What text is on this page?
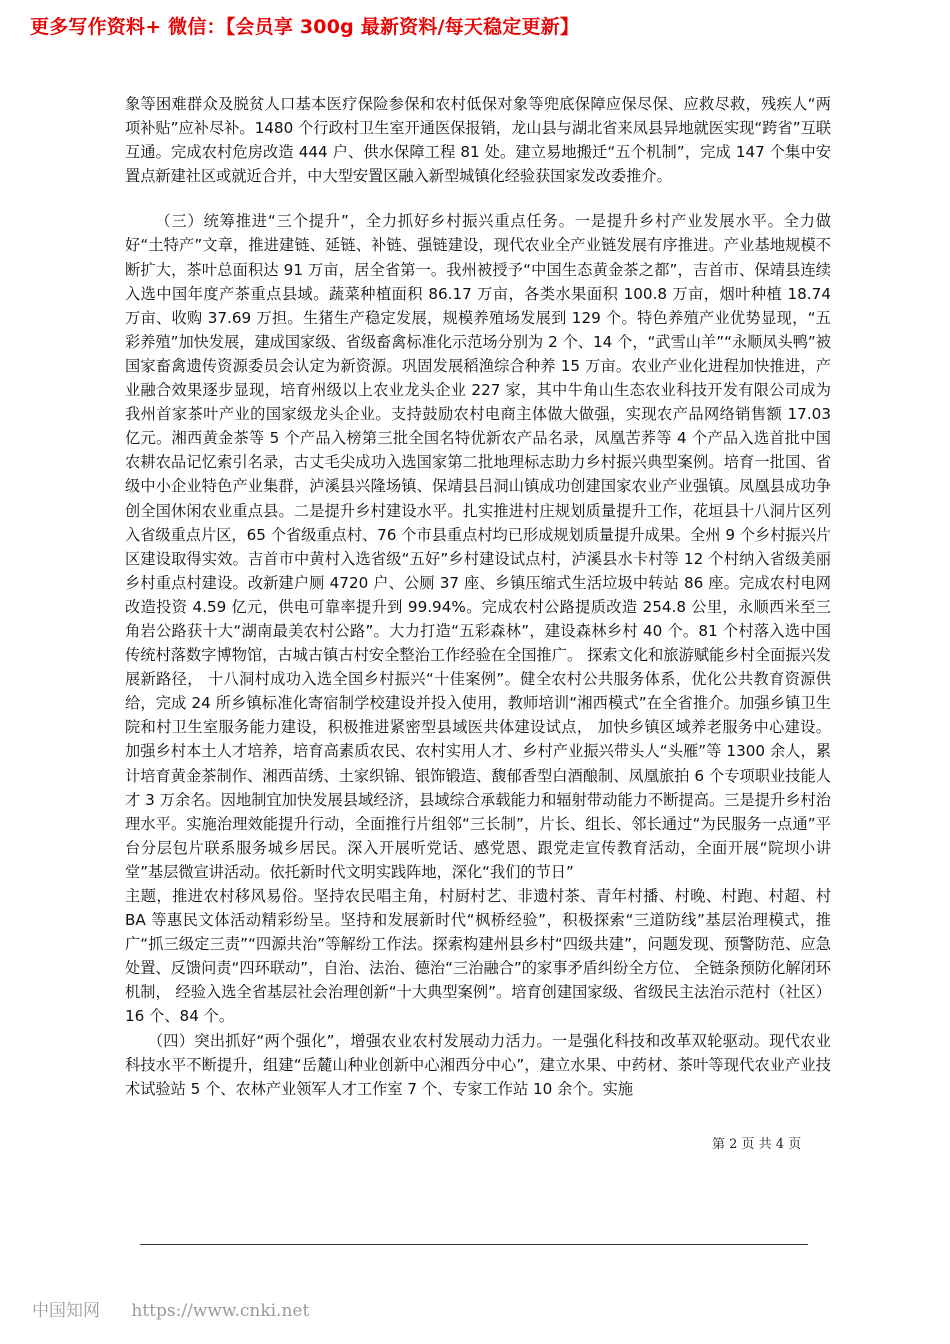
更多写作资料+ 微信：【会员享 300g 最新资料/每天稳定更新】

象等困难群众及脱贫人口基本医疗保险参保和农村低保对象等兜底保障应保尽保、应救尽救，残疾人“两项补贴”应补尽补。1480 个行政村卫生室开通医保报销，龙山县与湖北省来凤县异地就医实现“跨省”互联互通。完成农村危房改造 444 户、供水保障工程 81 处。建立易地搬迁“五个机制”，完成 147 个集中安置点新建社区或就近合并，中大型安置区融入新型城镇化经验获国家发改委推介。

（三）统筹推进“三个提升”，全力抓好乡村振兴重点任务。一是提升乡村产业发展水平。全力做好“土特产”文章，推进建链、延链、补链、强链建设，现代农业全产业链发展有序推进。产业基地规模不断扩大，茶叶总面积达 91 万亩，居全省第一。我州被授予“中国生态黄金茶之都”，吉首市、保靖县连续入选中国年度产茶重点县域。蔬菜种植面积 86.17 万亩，各类水果面积 100.8 万亩，烟叶种植 18.74 万亩、收购 37.69 万担。生猪生产稳定发展，规模养殖场发展到 129 个。特色养殖产业优势显现，“五彩养殖”加快发展，建成国家级、省级畜禽标准化示范场分别为 2 个、14 个，“武雪山羊”“永顺凤头鸭”被国家畜禽遗传资源委员会认定为新资源。巩固发展稻渔综合种养 15 万亩。农业产业化进程加快推进，产业融合效果逐步显现，培育州级以上农业龙头企业 227 家，其中牛角山生态农业科技开发有限公司成为我州首家茶叶产业的国家级龙头企业。支持鼓励农村电商主体做大做强，实现农产品网络销售额 17.03 亿元。湘西黄金茶等 5 个产品入榜第三批全国名特优新农产品名录，凤凰苦荞等 4 个产品入选首批中国农耕农品记忆索引名录，古丈毛尖成功入选国家第二批地理标志助力乡村振兴典型案例。培育一批国、省级中小企业特色产业集群，泸溪县兴隆场镇、保靖县吕洞山镇成功创建国家农业产业强镇。凤凰县成功争创全国休闲农业重点县。二是提升乡村建设水平。扎实推进村庄规划质量提升工作，花垣县十八洞片区列入省级重点片区，65 个省级重点村、76 个市县重点村均已形成规划质量提升成果。全州 9 个乡村振兴片区建设取得实效。吉首市中黄村入选省级“五好”乡村建设试点村，泸溪县水卡村等 12 个村纳入省级美丽乡村重点村建设。改新建户厕 4720 户、公厕 37 座、乡镇压缩式生活垃圾中转站 86 座。完成农村电网改造投资 4.59 亿元，供电可靠率提升到 99.94%。完成农村公路提质改造 254.8 公里，永顺西米至三角岩公路获十大“湖南最美农村公路”。大力打造“五彩森林”，建设森林乡村 40 个。81 个村落入选中国传统村落数字博物馆，古城古镇古村安全整治工作经验在全国推广。 探索文化和旅游赋能乡村全面振兴发展新路径， 十八洞村成功入选全国乡村振兴“十佳案例”。健全农村公共服务体系，优化公共教育资源供给，完成 24 所乡镇标准化寄宿制学校建设并投入使用，教师培训“湘西模式”在全省推介。加强乡镇卫生院和村卫生室服务能力建设，积极推进紧密型县域医共体建设试点， 加快乡镇区域养老服务中心建设。 加强乡村本土人才培养，培育高素质农民、农村实用人才、乡村产业振兴带头人“头雁”等 1300 余人，累计培育黄金茶制作、湘西苗绣、土家织锦、银饰锻造、馥郁香型白酒酿制、凤凰旅拍 6 个专项职业技能人才 3 万余名。因地制宜加快发展县域经济，县域综合承载能力和辐射带动能力不断提高。三是提升乡村治理水平。实施治理效能提升行动，全面推行片组邻“三长制”，片长、组长、邻长通过“为民服务一点通”平台分层包片联系服务城乡居民。深入开展听党话、感党恩、跟党走宣传教育活动，全面开展“院坝小讲堂”基层微宣讲活动。依托新时代文明实践阵地，深化“我们的节日”

主题，推进农村移风易俗。坚持农民唱主角，村厨村艺、非遗村茶、青年村播、村晚、村跑、村超、村 BA 等惠民文体活动精彩纷呈。坚持和发展新时代“枫桥经验”，积极探索“三道防线”基层治理模式，推广“抓三级定三责”“四源共治”等解纷工作法。探索构建州县乡村“四级共建”，问题发现、预警防范、应急处置、反馈问责“四环联动”，自治、法治、德治“三治融合”的家事矛盾纠纷全方位、 全链条预防化解闭环机制， 经验入选全省基层社会治理创新“十大典型案例”。培育创建国家级、省级民主法治示范村（社区）16 个、84 个。

（四）突出抓好“两个强化”，增强农业农村发展动力活力。一是强化科技和改革双轮驱动。现代农业科技水平不断提升，组建“岳麓山种业创新中心湘西分中心”，建立水果、中药材、茶叶等现代农业产业技术试验站 5 个、农林产业领军人才工作室 7 个、专家工作站 10 余个。实施

第 2 页 共 4 页
中国知网 https://www.cnki.net
